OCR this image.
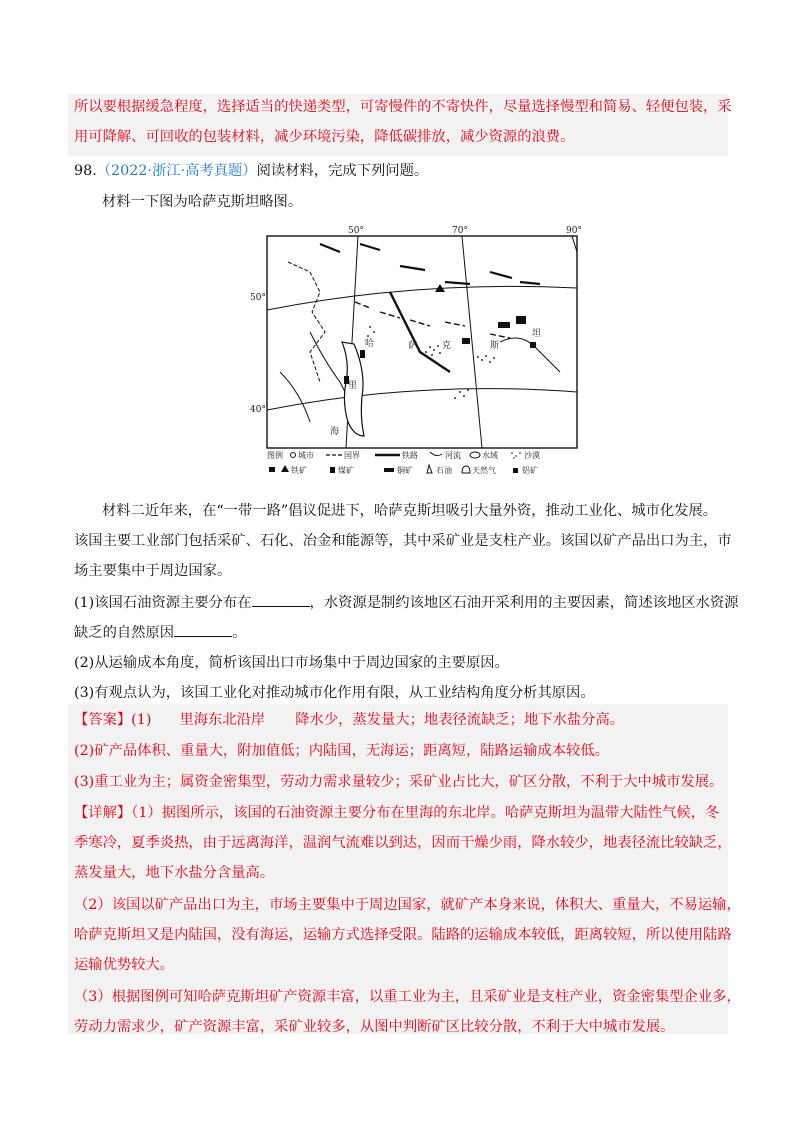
所以要根据缓急程度，选择适当的快递类型，可寄慢件的不寄快件，尽量选择慢型和简易、轻便包装，采
用可降解、可回收的包装材料，减少环境污染，降低碳排放，减少资源的浪费。
98.（2022·浙江·高考真题）阅读材料，完成下列问题。
材料一下图为哈萨克斯坦略图。
哈	萨	克	斯
坦
里
海
50°	70°	90°
50°
40°
图例 城市	国界	铁路	河流	水域	沙漠
铁矿	煤矿	铜矿	石油	天然气	铝矿
材料二近年来，在“一带一路”倡议促进下，哈萨克斯坦吸引大量外资，推动工业化、城市化发展。
该国主要工业部门包括采矿、石化、冶金和能源等，其中采矿业是支柱产业。该国以矿产品出口为主，市
场主要集中于周边国家。
(1)该国石油资源主要分布在	，水资源是制约该地区石油开采利用的主要因素，简述该地区水资源
缺乏的自然原因	。
(2)从运输成本角度，简析该国出口市场集中于周边国家的主要原因。
(3)有观点认为，该国工业化对推动城市化作用有限，从工业结构角度分析其原因。
【答案】(1) 里海东北沿岸 降水少，蒸发量大；地表径流缺乏；地下水盐分高。
(2)矿产品体积、重量大，附加值低；内陆国，无海运；距离短，陆路运输成本较低。
(3)重工业为主；属资金密集型，劳动力需求量较少；采矿业占比大，矿区分散，不利于大中城市发展。
【详解】（1）据图所示，该国的石油资源主要分布在里海的东北岸。哈萨克斯坦为温带大陆性气候，冬
季寒冷，夏季炎热，由于远离海洋，温润气流难以到达，因而干燥少雨，降水较少，地表径流比较缺乏，
蒸发量大，地下水盐分含量高。
（2）该国以矿产品出口为主，市场主要集中于周边国家，就矿产本身来说，体积大、重量大，不易运输，
哈萨克斯坦又是内陆国，没有海运，运输方式选择受限。陆路的运输成本较低，距离较短，所以使用陆路
运输优势较大。
（3）根据图例可知哈萨克斯坦矿产资源丰富，以重工业为主，且采矿业是支柱产业，资金密集型企业多，
劳动力需求少，矿产资源丰富，采矿业较多，从图中判断矿区比较分散，不利于大中城市发展。
